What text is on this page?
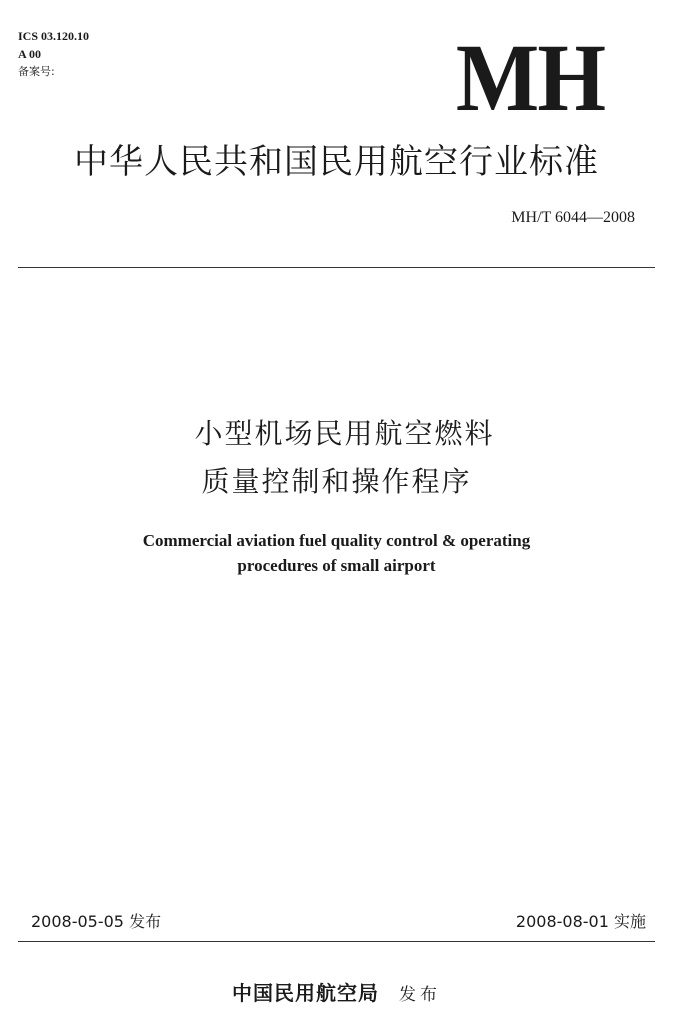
ICS 03.120.10
A 00
备案号:	MH
中华人民共和国民用航空行业标准
MH/T 6044—2008
小型机场民用航空燃料
质量控制和操作程序
Commercial aviation fuel quality control & operating
procedures of small airport
2008-05-05 发布	2008-08-01 实施
中国民用航空局 发布
